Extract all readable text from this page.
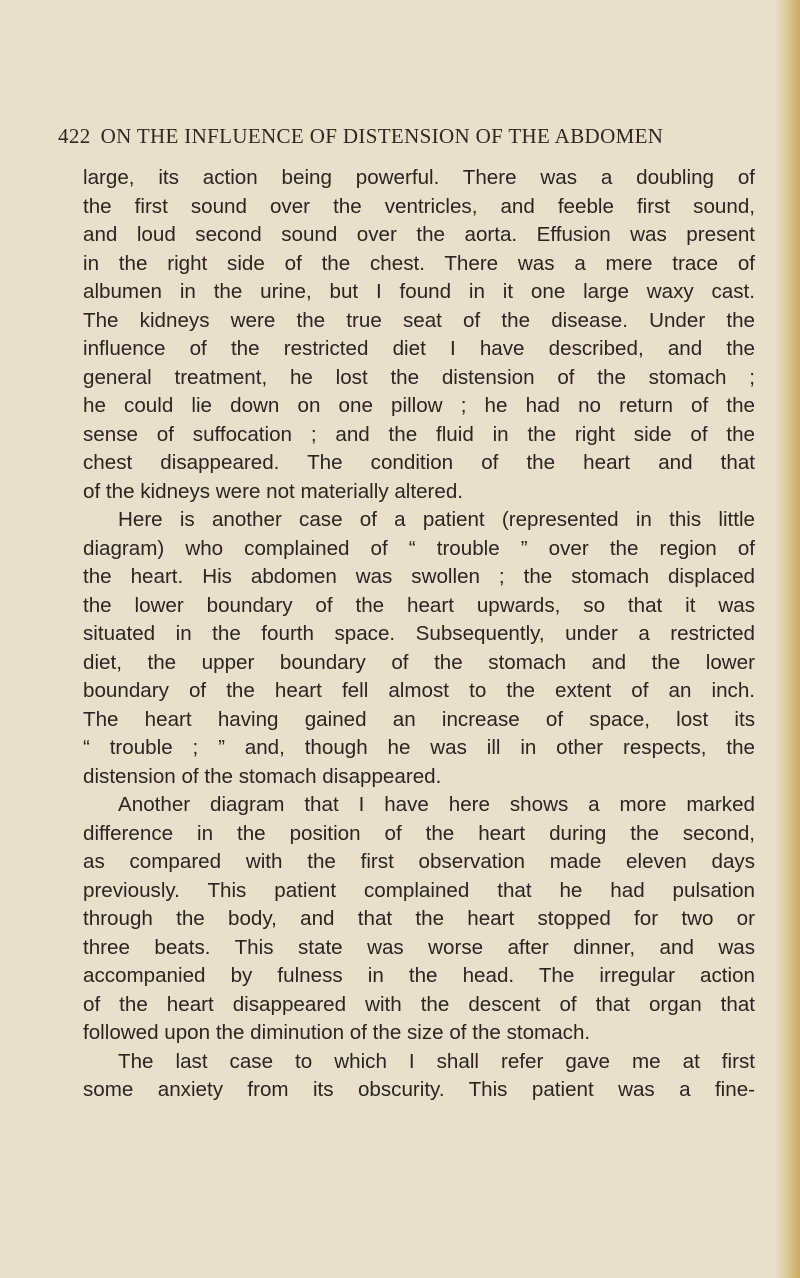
422 ON THE INFLUENCE OF DISTENSION OF THE ABDOMEN
large, its action being powerful. There was a doubling of
the first sound over the ventricles, and feeble first sound,
and loud second sound over the aorta. Effusion was present
in the right side of the chest. There was a mere trace of
albumen in the urine, but I found in it one large waxy cast.
The kidneys were the true seat of the disease. Under the
influence of the restricted diet I have described, and the
general treatment, he lost the distension of the stomach ;
he could lie down on one pillow ; he had no return of the
sense of suffocation ; and the fluid in the right side of the
chest disappeared. The condition of the heart and that
of the kidneys were not materially altered.
Here is another case of a patient (represented in this little
diagram) who complained of “ trouble ” over the region of
the heart. His abdomen was swollen ; the stomach displaced
the lower boundary of the heart upwards, so that it was
situated in the fourth space. Subsequently, under a restricted
diet, the upper boundary of the stomach and the lower
boundary of the heart fell almost to the extent of an inch.
The heart having gained an increase of space, lost its
“ trouble ; ” and, though he was ill in other respects, the
distension of the stomach disappeared.
Another diagram that I have here shows a more marked
difference in the position of the heart during the second,
as compared with the first observation made eleven days
previously. This patient complained that he had pulsation
through the body, and that the heart stopped for two or
three beats. This state was worse after dinner, and was
accompanied by fulness in the head. The irregular action
of the heart disappeared with the descent of that organ that
followed upon the diminution of the size of the stomach.
The last case to which I shall refer gave me at first
some anxiety from its obscurity. This patient was a fine-
